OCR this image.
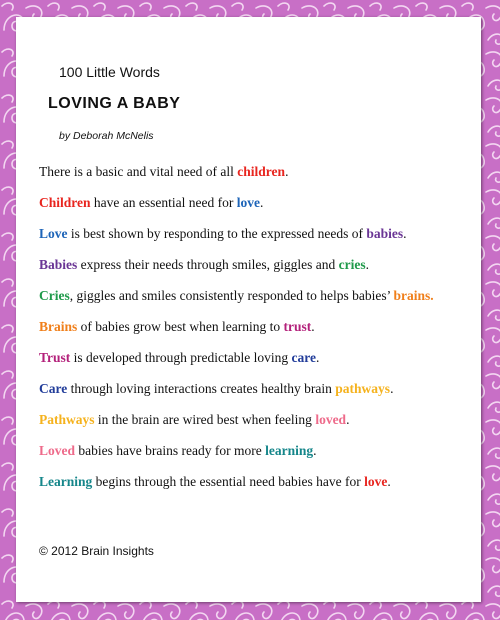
100 Little Words
LOVING A BABY
by Deborah McNelis
There is a basic and vital need of all children.
Children have an essential need for love.
Love is best shown by responding to the expressed needs of babies.
Babies express their needs through smiles, giggles and cries.
Cries, giggles and smiles consistently responded to helps babies’ brains.
Brains of babies grow best when learning to trust.
Trust is developed through predictable loving care.
Care through loving interactions creates healthy brain pathways.
Pathways in the brain are wired best when feeling loved.
Loved babies have brains ready for more learning.
Learning begins through the essential need babies have for love.
© 2012 Brain Insights
